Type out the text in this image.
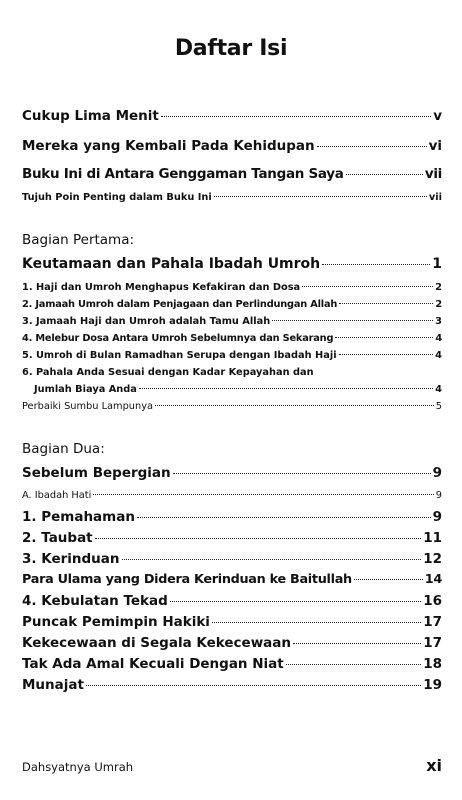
Daftar Isi
Cukup Lima Menit	v
Mereka yang Kembali Pada Kehidupan	vi
Buku Ini di Antara Genggaman Tangan Saya	vii
Tujuh Poin Penting dalam Buku Ini	vii
Bagian Pertama:
Keutamaan dan Pahala Ibadah Umroh	1
1. Haji dan Umroh Menghapus Kefakiran dan Dosa	2
2. Jamaah Umroh dalam Penjagaan dan Perlindungan Allah	2
3. Jamaah Haji dan Umroh adalah Tamu Allah	3
4. Melebur Dosa Antara Umroh Sebelumnya dan Sekarang	4
5. Umroh di Bulan Ramadhan Serupa dengan Ibadah Haji	4
6. Pahala Anda Sesuai dengan Kadar Kepayahan dan
Jumlah Biaya Anda	4
Perbaiki Sumbu Lampunya	5
Bagian Dua:
Sebelum Bepergian	9
A. Ibadah Hati	9
1. Pemahaman	9
2. Taubat	11
3. Kerinduan	12
Para Ulama yang Didera Kerinduan ke Baitullah	14
4. Kebulatan Tekad	16
Puncak Pemimpin Hakiki	17
Kekecewaan di Segala Kekecewaan	17
Tak Ada Amal Kecuali Dengan Niat	18
Munajat	19
Dahsyatnya Umrah	xi
